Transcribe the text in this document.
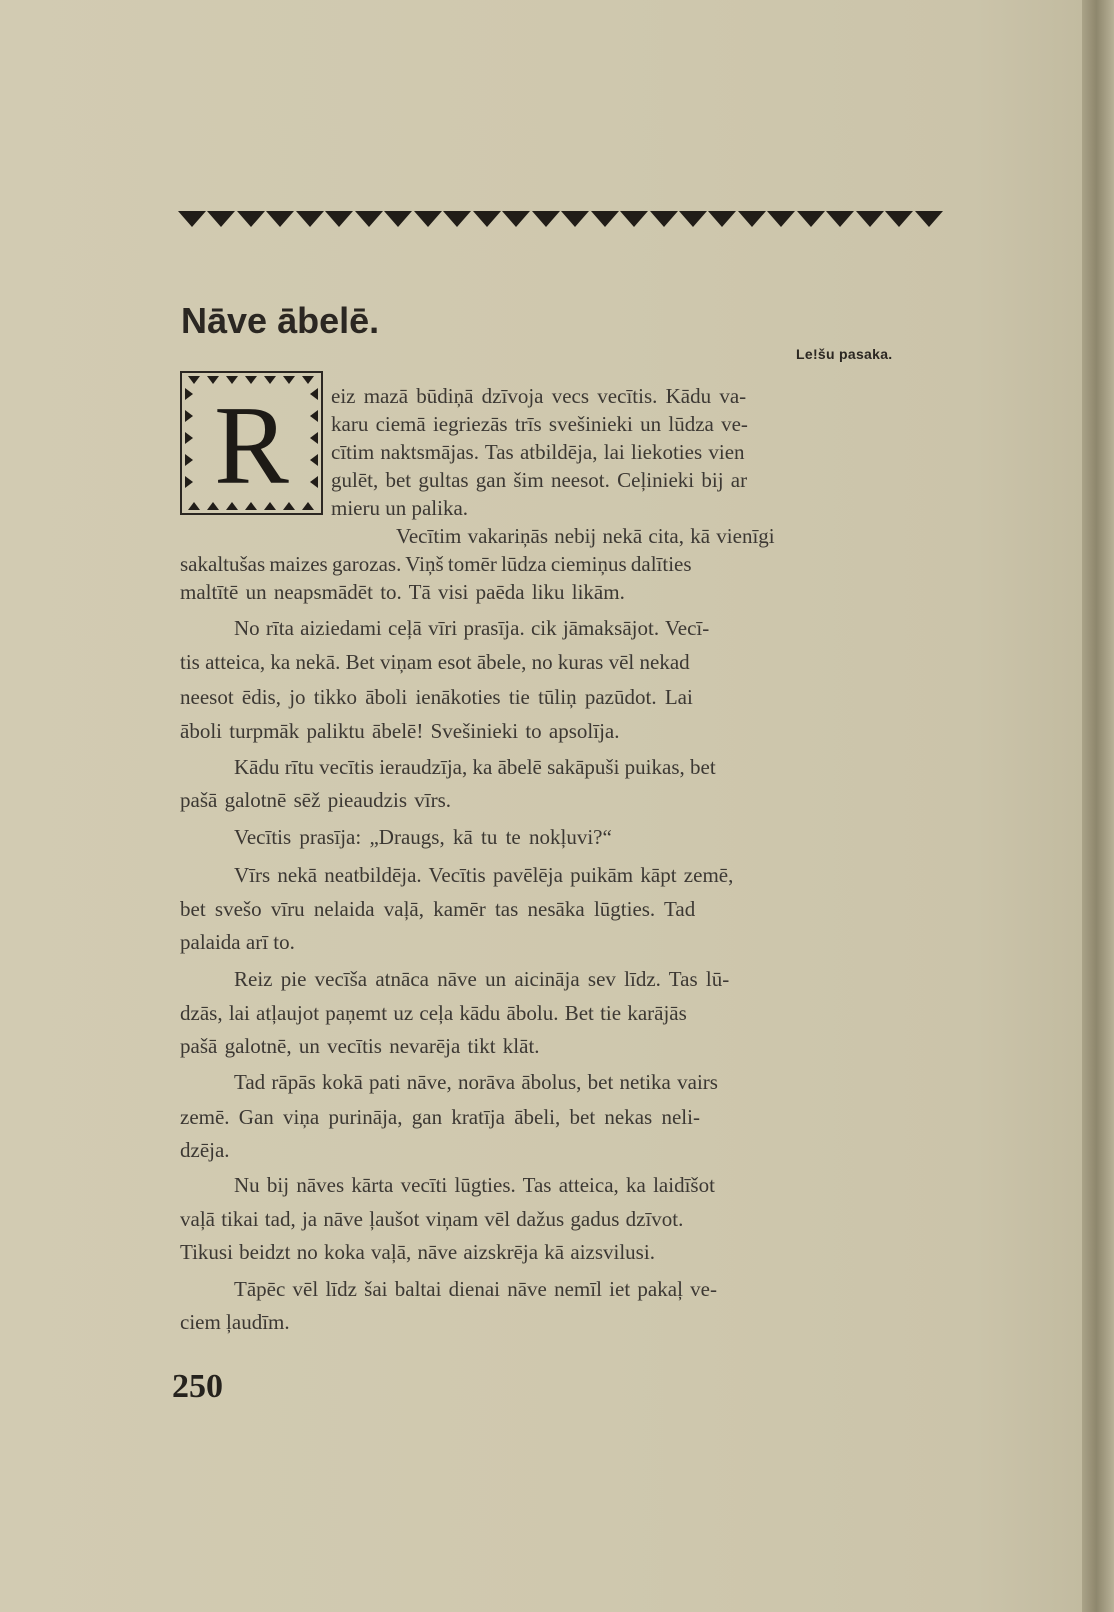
Nāve ābelē.
Le!šu pasaka.
R	eiz mazā būdiņā dzīvoja vecs vecītis. Kādu va-

karu ciemā iegriezās trīs svešinieki un lūdza ve-

cītim naktsmājas. Tas atbildēja, lai liekoties vien

gulēt, bet gultas gan šim neesot. Ceļinieki bij ar

mieru un palika.

Vecītim vakariņās nebij nekā cita, kā vienīgi

sakaltušas maizes garozas. Viņš tomēr lūdza ciemiņus dalīties

maltītē un neapsmādēt to. Tā visi paēda liku likām.

No rīta aiziedami ceļā vīri prasīja. cik jāmaksājot. Vecī-

tis atteica, ka nekā. Bet viņam esot ābele, no kuras vēl nekad

neesot ēdis, jo tikko āboli ienākoties tie tūliņ pazūdot. Lai

āboli turpmāk paliktu ābelē! Svešinieki to apsolīja.

Kādu rītu vecītis ieraudzīja, ka ābelē sakāpuši puikas, bet

pašā galotnē sēž pieaudzis vīrs.

Vecītis prasīja: „Draugs, kā tu te nokļuvi?“

Vīrs nekā neatbildēja. Vecītis pavēlēja puikām kāpt zemē,

bet svešo vīru nelaida vaļā, kamēr tas nesāka lūgties. Tad

palaida arī to.

Reiz pie vecīša atnāca nāve un aicināja sev līdz. Tas lū-

dzās, lai atļaujot paņemt uz ceļa kādu ābolu. Bet tie karājās

pašā galotnē, un vecītis nevarēja tikt klāt.

Tad rāpās kokā pati nāve, norāva ābolus, bet netika vairs

zemē. Gan viņa purināja, gan kratīja ābeli, bet nekas neli-

dzēja.

Nu bij nāves kārta vecīti lūgties. Tas atteica, ka laidīšot

vaļā tikai tad, ja nāve ļaušot viņam vēl dažus gadus dzīvot.

Tikusi beidzt no koka vaļā, nāve aizskrēja kā aizsvilusi.

Tāpēc vēl līdz šai baltai dienai nāve nemīl iet pakaļ ve-

ciem ļaudīm.

250
